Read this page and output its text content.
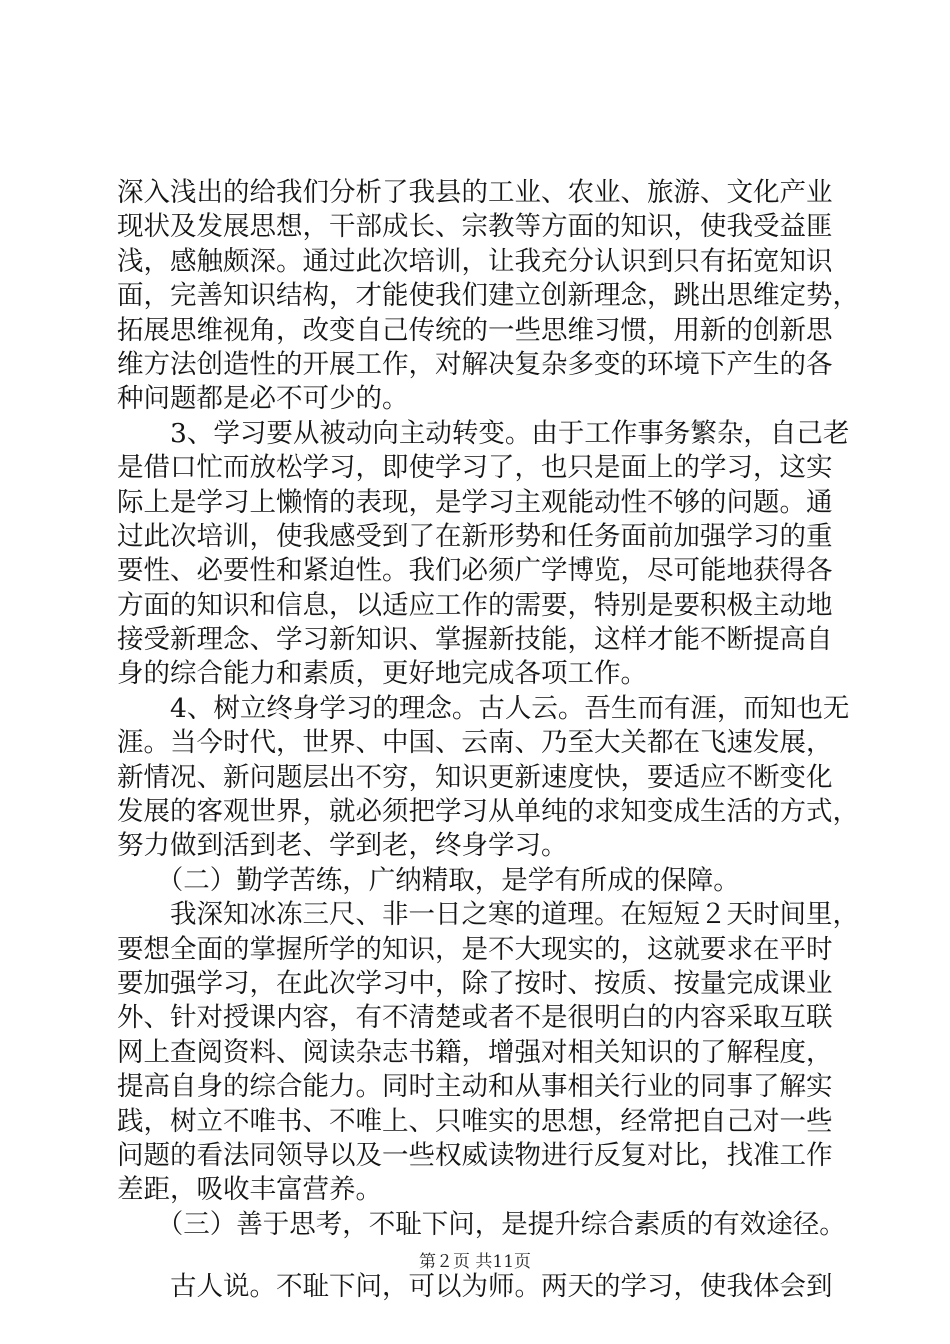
深入浅出的给我们分析了我县的工业、农业、旅游、文化产业
现状及发展思想，干部成长、宗教等方面的知识，使我受益匪
浅，感触颇深。通过此次培训，让我充分认识到只有拓宽知识
面，完善知识结构，才能使我们建立创新理念，跳出思维定势，
拓展思维视角，改变自己传统的一些思维习惯，用新的创新思
维方法创造性的开展工作，对解决复杂多变的环境下产生的各
种问题都是必不可少的。
　　3、学习要从被动向主动转变。由于工作事务繁杂，自己老
是借口忙而放松学习，即使学习了，也只是面上的学习，这实
际上是学习上懒惰的表现，是学习主观能动性不够的问题。通
过此次培训，使我感受到了在新形势和任务面前加强学习的重
要性、必要性和紧迫性。我们必须广学博览，尽可能地获得各
方面的知识和信息，以适应工作的需要，特别是要积极主动地
接受新理念、学习新知识、掌握新技能，这样才能不断提高自
身的综合能力和素质，更好地完成各项工作。
　　4、树立终身学习的理念。古人云。吾生而有涯，而知也无
涯。当今时代，世界、中国、云南、乃至大关都在飞速发展，
新情况、新问题层出不穷，知识更新速度快，要适应不断变化
发展的客观世界，就必须把学习从单纯的求知变成生活的方式，
努力做到活到老、学到老，终身学习。
　　（二）勤学苦练，广纳精取，是学有所成的保障。
　　我深知冰冻三尺、非一日之寒的道理。在短短２天时间里，
要想全面的掌握所学的知识，是不大现实的，这就要求在平时
要加强学习，在此次学习中，除了按时、按质、按量完成课业
外、针对授课内容，有不清楚或者不是很明白的内容采取互联
网上查阅资料、阅读杂志书籍，增强对相关知识的了解程度，
提高自身的综合能力。同时主动和从事相关行业的同事了解实
践，树立不唯书、不唯上、只唯实的思想，经常把自己对一些
问题的看法同领导以及一些权威读物进行反复对比，找准工作
差距，吸收丰富营养。
　　（三）善于思考，不耻下问，是提升综合素质的有效途径。
　　古人说。不耻下问，可以为师。两天的学习，使我体会到
第２页 共11页
